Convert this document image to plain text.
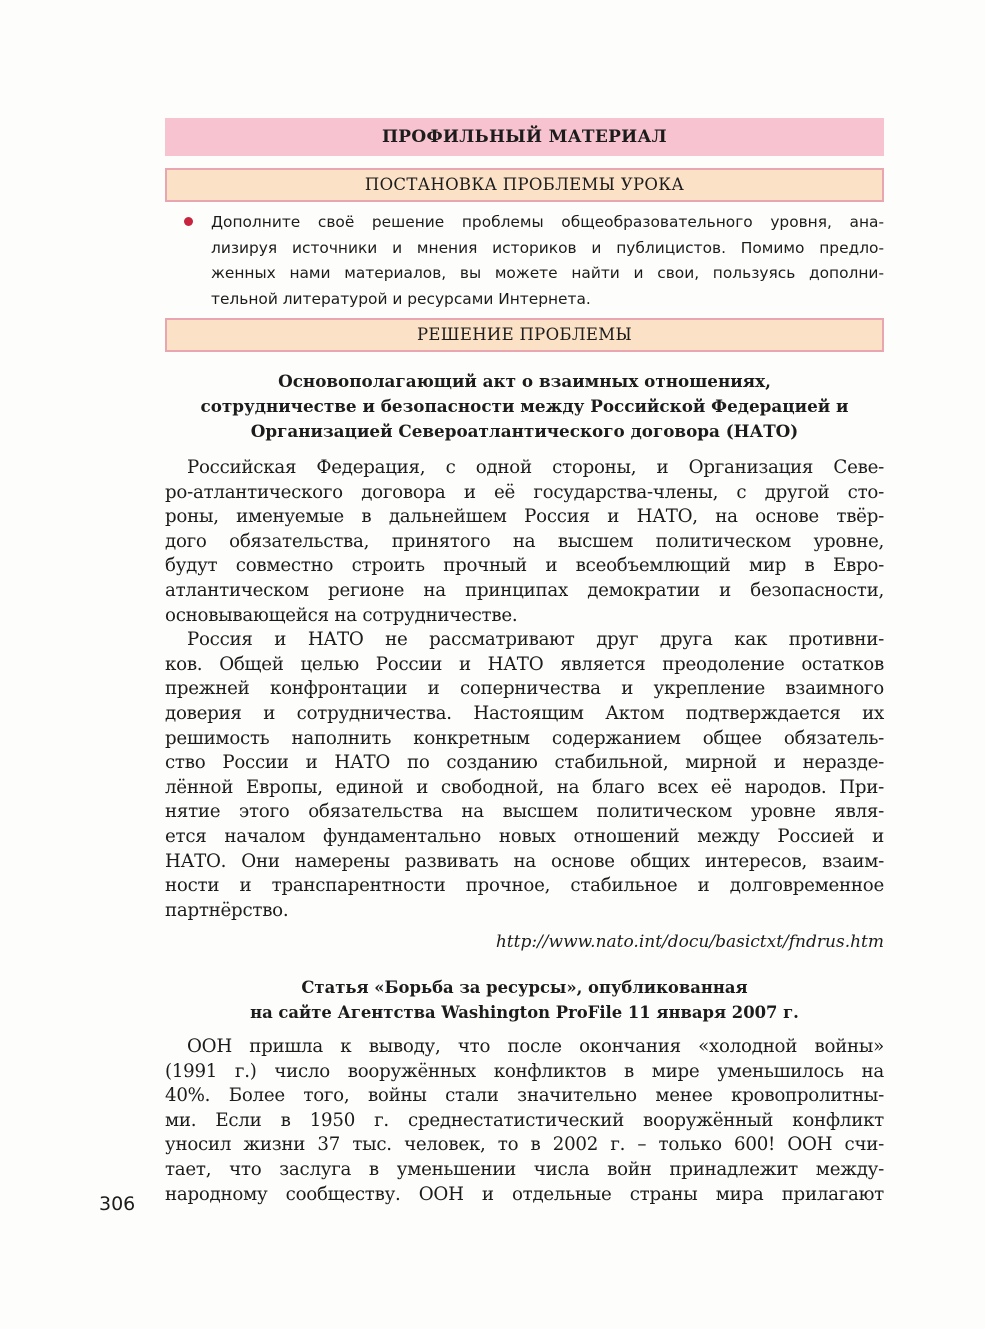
ПРОФИЛЬНЫЙ МАТЕРИАЛ
ПОСТАНОВКА ПРОБЛЕМЫ УРОКА
Дополните своё решение проблемы общеобразовательного уровня, ана-
лизируя источники и мнения историков и публицистов. Помимо предло-
женных нами материалов, вы можете найти и свои, пользуясь дополни-
тельной литературой и ресурсами Интернета.
РЕШЕНИЕ ПРОБЛЕМЫ
Основополагающий акт о взаимных отношениях,
сотрудничестве и безопасности между Российской Федерацией и
Организацией Североатлантического договора (НАТО)
Российская Федерация, с одной стороны, и Организация Севе-
ро-атлантического договора и её государства-члены, с другой сто-
роны, именуемые в дальнейшем Россия и НАТО, на основе твёр-
дого обязательства, принятого на высшем политическом уровне,
будут совместно строить прочный и всеобъемлющий мир в Евро-
атлантическом регионе на принципах демократии и безопасности,
основывающейся на сотрудничестве.
Россия и НАТО не рассматривают друг друга как противни-
ков. Общей целью России и НАТО является преодоление остатков
прежней конфронтации и соперничества и укрепление взаимного
доверия и сотрудничества. Настоящим Актом подтверждается их
решимость наполнить конкретным содержанием общее обязатель-
ство России и НАТО по созданию стабильной, мирной и нераздe-
лённой Европы, единой и свободной, на благо всех её народов. При-
нятие этого обязательства на высшем политическом уровне явля-
ется началом фундаментально новых отношений между Россией и
НАТО. Они намерены развивать на основе общих интересов, взаим-
ности и транспарентности прочное, стабильное и долговременное
партнёрство.
http://www.nato.int/docu/basictxt/fndrus.htm
Статья «Борьба за ресурсы», опубликованная
на сайте Агентства Washington ProFile 11 января 2007 г.
ООН пришла к выводу, что после окончания «холодной войны»
(1991 г.) число вооружённых конфликтов в мире уменьшилось на
40%. Более того, войны стали значительно менее кровопролитны-
ми. Если в 1950 г. среднестатистический вооружённый конфликт
уносил жизни 37 тыс. человек, то в 2002 г. – только 600! ООН счи-
тает, что заслуга в уменьшении числа войн принадлежит между-
народному сообществу. ООН и отдельные страны мира прилагают
306
